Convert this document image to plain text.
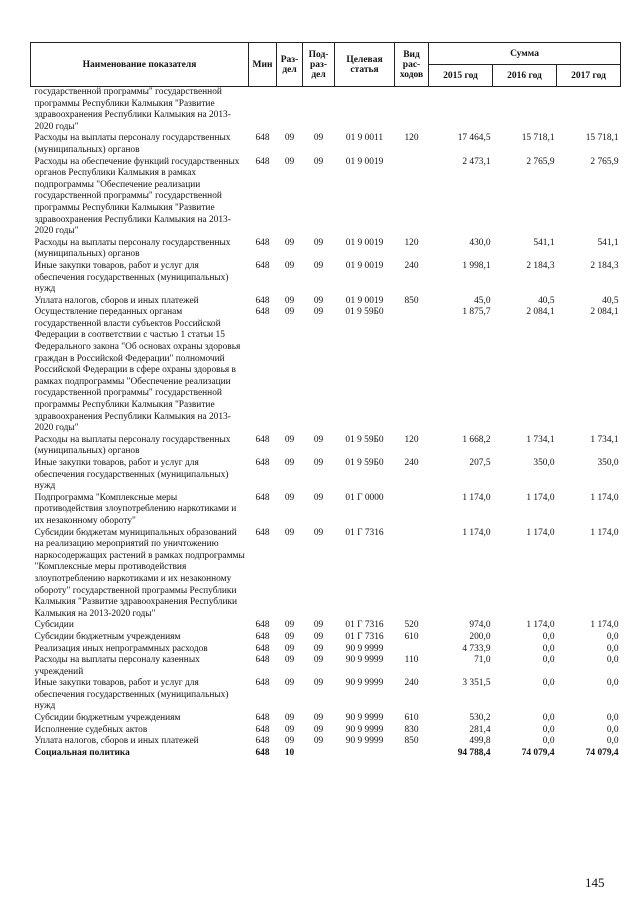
Наименование показателя	Мин	Раз-дел	Под-раз-дел	Целевая статья	Вид рас-ходов	Сумма		
						2015 год	2016 год	2017 год
государственной программы" государственной программы Республики Калмыкия "Развитие здравоохранения Республики Калмыкия на 2013-2020 годы"								
Расходы на выплаты персоналу государственных (муниципальных) органов	648	09	09	01 9 0011	120	17 464,5	15 718,1	15 718,1
Расходы на обеспечение функций государственных органов Республики Калмыкия в рамках подпрограммы "Обеспечение реализации государственной программы" государственной программы Республики Калмыкия "Развитие здравоохранения Республики Калмыкия на 2013-2020 годы"	648	09	09	01 9 0019		2 473,1	2 765,9	2 765,9
Расходы на выплаты персоналу государственных (муниципальных) органов	648	09	09	01 9 0019	120	430,0	541,1	541,1
Иные закупки товаров, работ и услуг для обеспечения государственных (муниципальных) нужд	648	09	09	01 9 0019	240	1 998,1	2 184,3	2 184,3
Уплата налогов, сборов и иных платежей	648	09	09	01 9 0019	850	45,0	40,5	40,5
Осуществление переданных органам государственной власти субъектов Российской Федерации в соответствии с частью 1 статьи 15 Федерального закона "Об основах охраны здоровья граждан в Российской Федерации" полномочий Российской Федерации в сфере охраны здоровья в рамках подпрограммы "Обеспечение реализации государственной программы" государственной программы Республики Калмыкия "Развитие здравоохранения Республики Калмыкия на 2013-2020 годы"	648	09	09	01 9 59Б0		1 875,7	2 084,1	2 084,1
Расходы на выплаты персоналу государственных (муниципальных) органов	648	09	09	01 9 59Б0	120	1 668,2	1 734,1	1 734,1
Иные закупки товаров, работ и услуг для обеспечения государственных (муниципальных) нужд	648	09	09	01 9 59Б0	240	207,5	350,0	350,0
Подпрограмма "Комплексные меры противодействия злоупотреблению наркотиками и их незаконному обороту"	648	09	09	01 Г 0000		1 174,0	1 174,0	1 174,0
Субсидии бюджетам муниципальных образований на реализацию мероприятий по уничтожению наркосодержащих растений в рамках подпрограммы "Комплексные меры противодействия злоупотреблению наркотиками и их незаконному обороту" государственной программы Республики Калмыкия "Развитие здравоохранения Республики Калмыкия на 2013-2020 годы"	648	09	09	01 Г 7316		1 174,0	1 174,0	1 174,0
Субсидии	648	09	09	01 Г 7316	520	974,0	1 174,0	1 174,0
Субсидии бюджетным учреждениям	648	09	09	01 Г 7316	610	200,0	0,0	0,0
Реализация иных непрограммных расходов	648	09	09	90 9 9999		4 733,9	0,0	0,0
Расходы на выплаты персоналу казенных учреждений	648	09	09	90 9 9999	110	71,0	0,0	0,0
Иные закупки товаров, работ и услуг для обеспечения государственных (муниципальных) нужд	648	09	09	90 9 9999	240	3 351,5	0,0	0,0
Субсидии бюджетным учреждениям	648	09	09	90 9 9999	610	530,2	0,0	0,0
Исполнение судебных актов	648	09	09	90 9 9999	830	281,4	0,0	0,0
Уплата налогов, сборов и иных платежей	648	09	09	90 9 9999	850	499,8	0,0	0,0
Социальная политика	648	10				94 788,4	74 079,4	74 079,4
145
